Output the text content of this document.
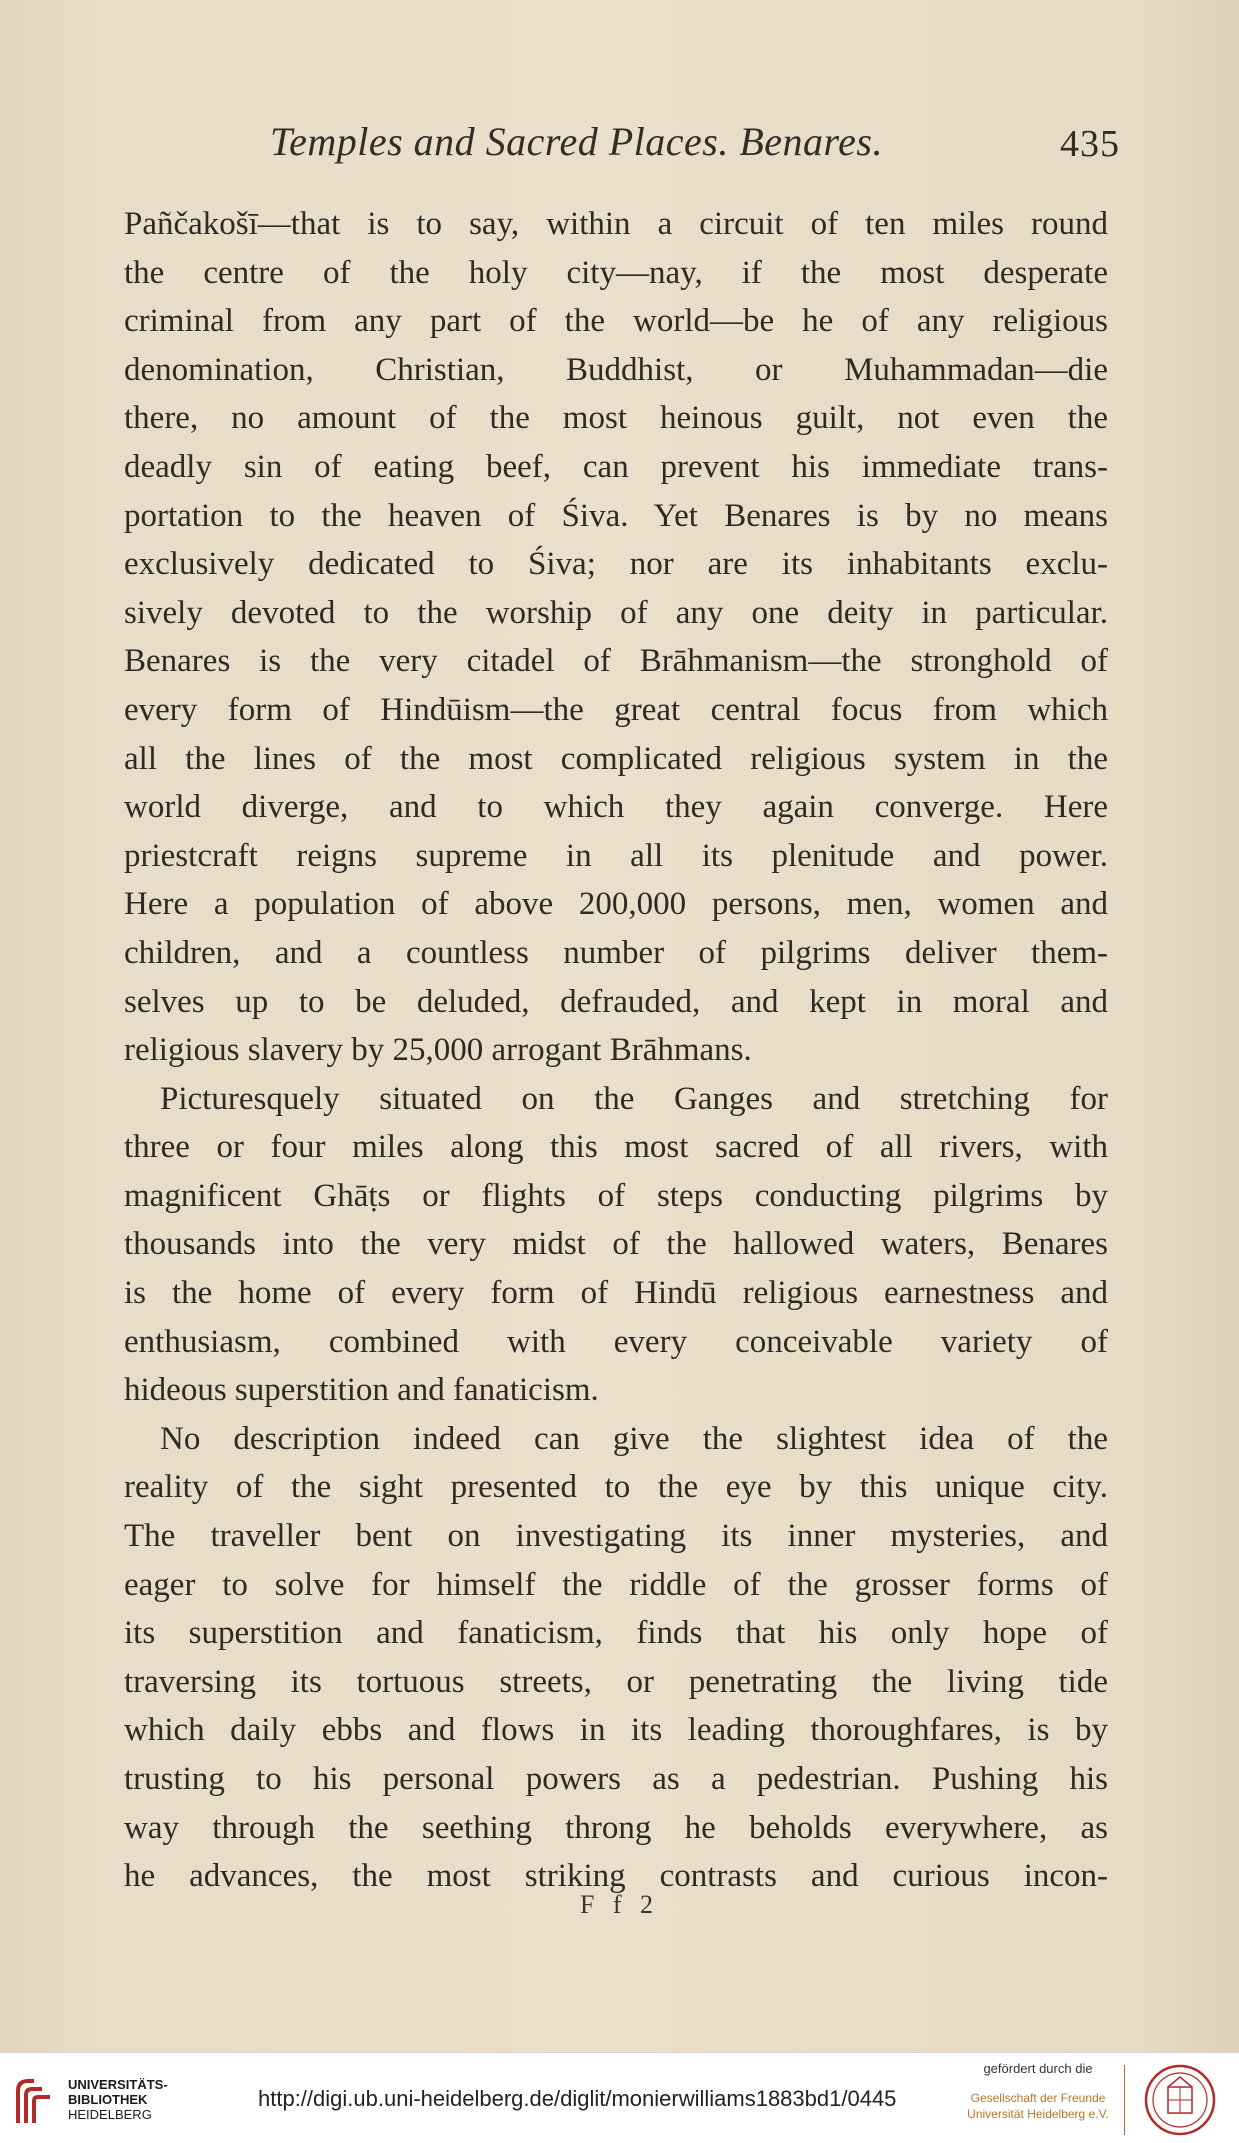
Temples and Sacred Places. Benares.	435
Pañčakošī—that is to say, within a circuit of ten miles round
the centre of the holy city—nay, if the most desperate
criminal from any part of the world—be he of any religious
denomination, Christian, Buddhist, or Muhammadan—die
there, no amount of the most heinous guilt, not even the
deadly sin of eating beef, can prevent his immediate trans-
portation to the heaven of Śiva. Yet Benares is by no means
exclusively dedicated to Śiva; nor are its inhabitants exclu-
sively devoted to the worship of any one deity in particular.
Benares is the very citadel of Brāhmanism—the stronghold of
every form of Hindūism—the great central focus from which
all the lines of the most complicated religious system in the
world diverge, and to which they again converge. Here
priestcraft reigns supreme in all its plenitude and power.
Here a population of above 200,000 persons, men, women and
children, and a countless number of pilgrims deliver them-
selves up to be deluded, defrauded, and kept in moral and
religious slavery by 25,000 arrogant Brāhmans.
Picturesquely situated on the Ganges and stretching for
three or four miles along this most sacred of all rivers, with
magnificent Ghāṭs or flights of steps conducting pilgrims by
thousands into the very midst of the hallowed waters, Benares
is the home of every form of Hindū religious earnestness and
enthusiasm, combined with every conceivable variety of
hideous superstition and fanaticism.
No description indeed can give the slightest idea of the
reality of the sight presented to the eye by this unique city.
The traveller bent on investigating its inner mysteries, and
eager to solve for himself the riddle of the grosser forms of
its superstition and fanaticism, finds that his only hope of
traversing its tortuous streets, or penetrating the living tide
which daily ebbs and flows in its leading thoroughfares, is by
trusting to his personal powers as a pedestrian. Pushing his
way through the seething throng he beholds everywhere, as
he advances, the most striking contrasts and curious incon-
F f 2
UNIVERSITÄTS-
BIBLIOTHEK
HEIDELBERG
http://digi.ub.uni-heidelberg.de/diglit/monierwilliams1883bd1/0445
gefördert durch die
Gesellschaft der Freunde
Universität Heidelberg e.V.
